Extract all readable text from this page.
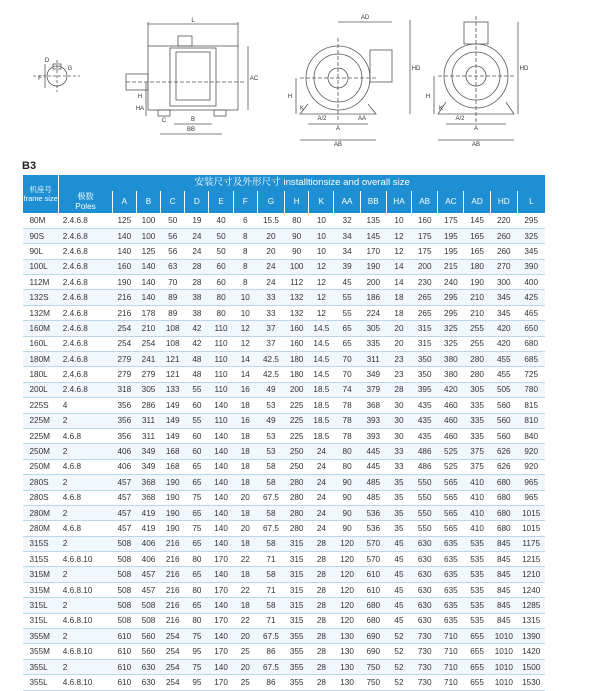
D
G
F
L
C	B
BB
AC
HA
H
AD
HD
H
A/2
A
AA
AB
K
HD
H
A/2
A
AB
K
B3
机座号
frame size	安装尺寸及外形尺寸 installtionsize and overall size																	
	极数
Poles	A	B	C	D	E	F	G	H	K	AA	BB	HA	AB	AC	AD	HD	L
80M	2.4.6.8	125	100	50	19	40	6	15.5	80	10	32	135	10	160	175	145	220	295
90S	2.4.6.8	140	100	56	24	50	8	20	90	10	34	145	12	175	195	165	260	325
90L	2.4.6.8	140	125	56	24	50	8	20	90	10	34	170	12	175	195	165	260	345
100L	2.4.6.8	160	140	63	28	60	8	24	100	12	39	190	14	200	215	180	270	390
112M	2.4.6.8	190	140	70	28	60	8	24	112	12	45	200	14	230	240	190	300	400
132S	2.4.6.8	216	140	89	38	80	10	33	132	12	55	186	18	265	295	210	345	425
132M	2.4.6.8	216	178	89	38	80	10	33	132	12	55	224	18	265	295	210	345	465
160M	2.4.6.8	254	210	108	42	110	12	37	160	14.5	65	305	20	315	325	255	420	650
160L	2.4.6.8	254	254	108	42	110	12	37	160	14.5	65	335	20	315	325	255	420	680
180M	2.4.6.8	279	241	121	48	110	14	42.5	180	14.5	70	311	23	350	380	280	455	685
180L	2.4.6.8	279	279	121	48	110	14	42.5	180	14.5	70	349	23	350	380	280	455	725
200L	2.4.6.8	318	305	133	55	110	16	49	200	18.5	74	379	28	395	420	305	505	780
225S	4	356	286	149	60	140	18	53	225	18.5	78	368	30	435	460	335	560	815
225M	2	356	311	149	55	110	16	49	225	18.5	78	393	30	435	460	335	560	810
225M	4.6.8	356	311	149	60	140	18	53	225	18.5	78	393	30	435	460	335	560	840
250M	2	406	349	168	60	140	18	53	250	24	80	445	33	486	525	375	626	920
250M	4.6.8	406	349	168	65	140	18	58	250	24	80	445	33	486	525	375	626	920
280S	2	457	368	190	65	140	18	58	280	24	90	485	35	550	565	410	680	965
280S	4.6.8	457	368	190	75	140	20	67.5	280	24	90	485	35	550	565	410	680	965
280M	2	457	419	190	65	140	18	58	280	24	90	536	35	550	565	410	680	1015
280M	4.6.8	457	419	190	75	140	20	67.5	280	24	90	536	35	550	565	410	680	1015
315S	2	508	406	216	65	140	18	58	315	28	120	570	45	630	635	535	845	1175
315S	4.6.8.10	508	406	216	80	170	22	71	315	28	120	570	45	630	635	535	845	1215
315M	2	508	457	216	65	140	18	58	315	28	120	610	45	630	635	535	845	1210
315M	4.6.8.10	508	457	216	80	170	22	71	315	28	120	610	45	630	635	535	845	1240
315L	2	508	508	216	65	140	18	58	315	28	120	680	45	630	635	535	845	1285
315L	4.6.8.10	508	508	216	80	170	22	71	315	28	120	680	45	630	635	535	845	1315
355M	2	610	560	254	75	140	20	67.5	355	28	130	690	52	730	710	655	1010	1390
355M	4.6.8.10	610	560	254	95	170	25	86	355	28	130	690	52	730	710	655	1010	1420
355L	2	610	630	254	75	140	20	67.5	355	28	130	750	52	730	710	655	1010	1500
355L	4.6.8.10	610	630	254	95	170	25	86	355	28	130	750	52	730	710	655	1010	1530
